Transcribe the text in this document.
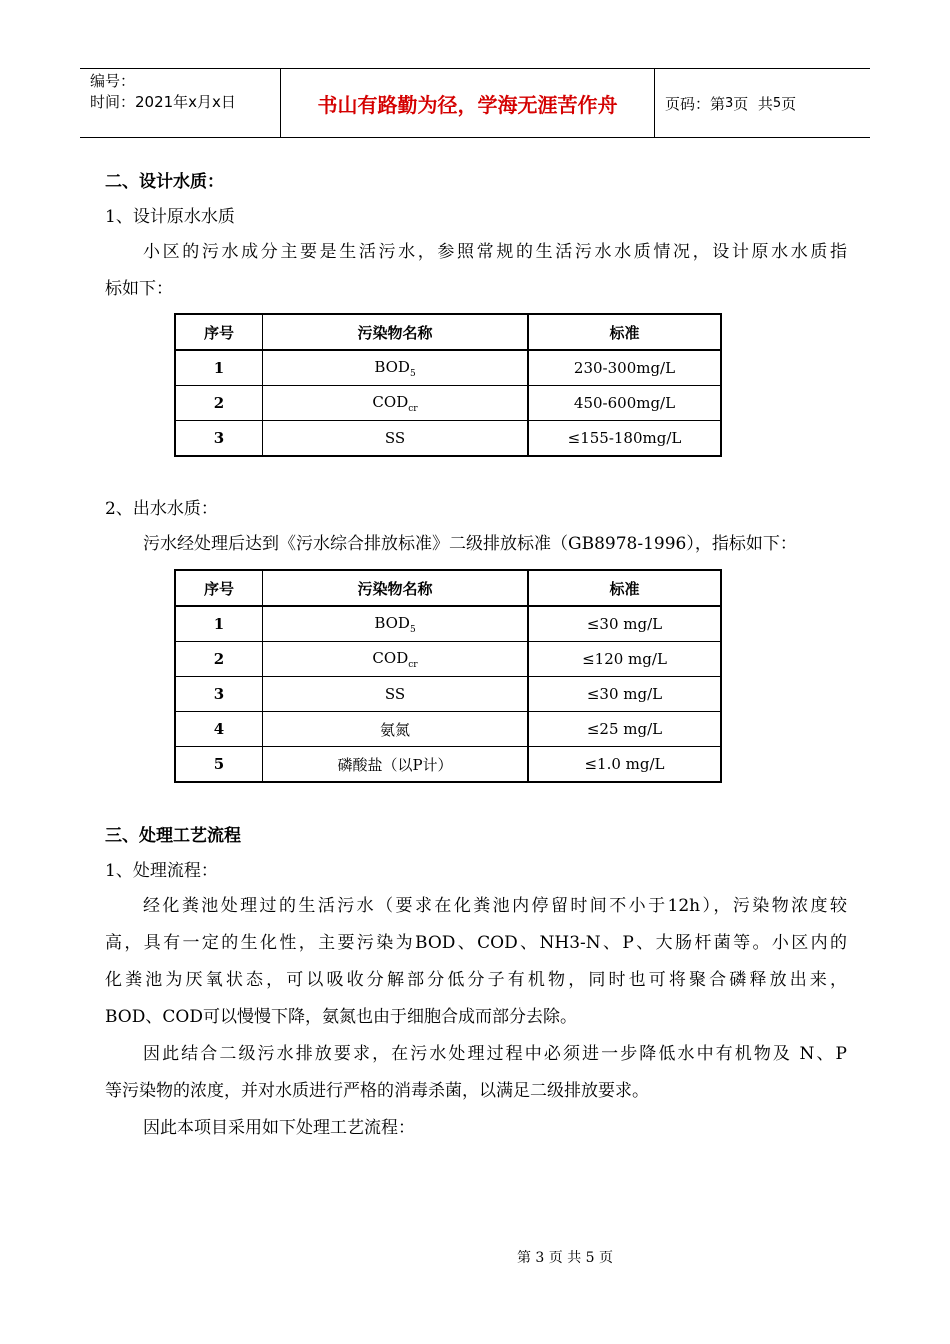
编号：
时间：2021年x月x日	书山有路勤为径，学海无涯苦作舟	页码：第 3 页  共 5 页
二、设计水质：
1、设计原水水质
小区的污水成分主要是生活污水，参照常规的生活污水水质情况，设计原水水质指
标如下：
序号	污染物名称	标准
1	$BOD_5$	230-300mg/L
2	$COD_{cr}$	450-600mg/L
3	SS	≤155-180mg/L
2、出水水质：
污水经处理后达到《污水综合排放标准》二级排放标准（GB8978-1996），指标如下：
序号	污染物名称	标准
1	$BOD_5$	≤30 mg/L
2	$COD_{cr}$	≤120 mg/L
3	SS	≤30 mg/L
4	氨氮	≤25 mg/L
5	磷酸盐（以P计）	≤1.0 mg/L
三、处理工艺流程
1、处理流程：
经化粪池处理过的生活污水（要求在化粪池内停留时间不小于12h），污染物浓度较
高，具有一定的生化性，主要污染为BOD、COD、NH3-N、P、大肠杆菌等。小区内的
化粪池为厌氧状态，可以吸收分解部分低分子有机物，同时也可将聚合磷释放出来，
BOD、COD可以慢慢下降，氨氮也由于细胞合成而部分去除。
因此结合二级污水排放要求，在污水处理过程中必须进一步降低水中有机物及 N、P
等污染物的浓度，并对水质进行严格的消毒杀菌，以满足二级排放要求。
因此本项目采用如下处理工艺流程：
第 3 页 共 5 页
